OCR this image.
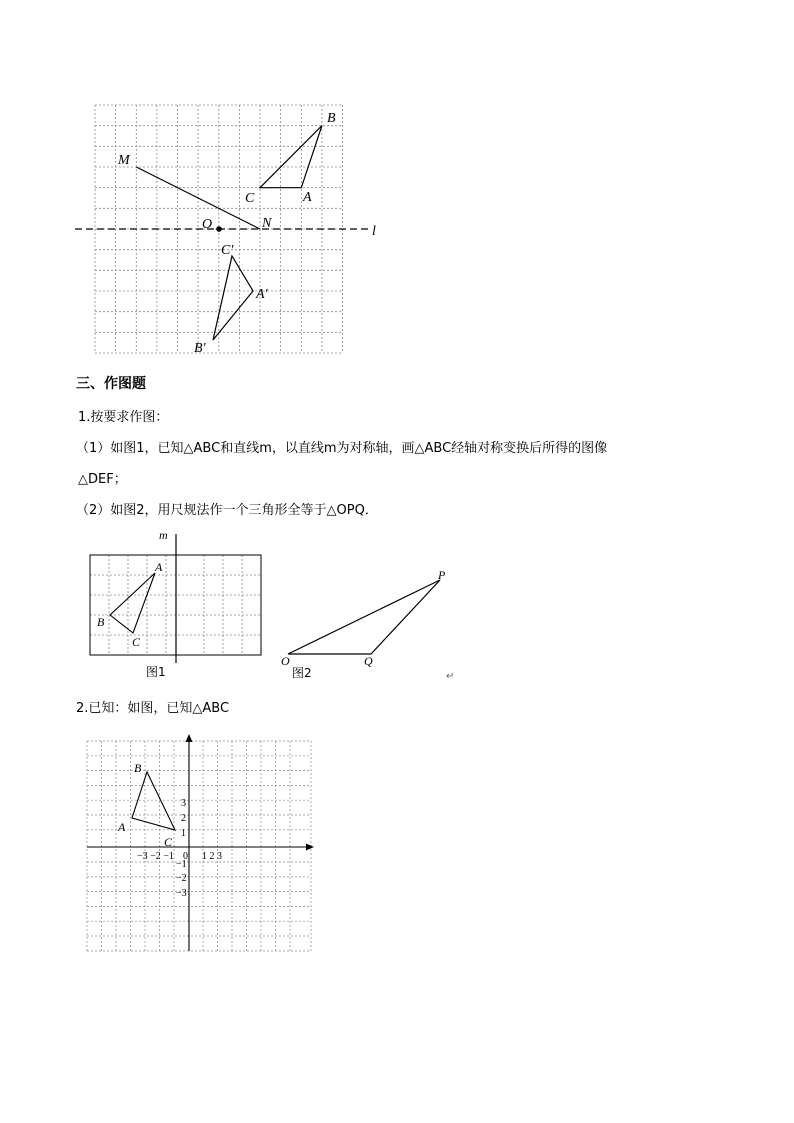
B
M
C	A
O	N
l
C′
A′
B′
三、作图题
1.按要求作图：
（1）如图1，已知△ABC和直线m，以直线m为对称轴，画△ABC经轴对称变换后所得的图像
△DEF；
（2）如图2，用尺规法作一个三角形全等于△OPQ．
m
A
B
C
图1
P
O	Q
图2	↵
2.已知：如图，已知△ABC
B
A
C
3
2
1
−3 −2 −1 0 1 2 3
−1
−2
−3
